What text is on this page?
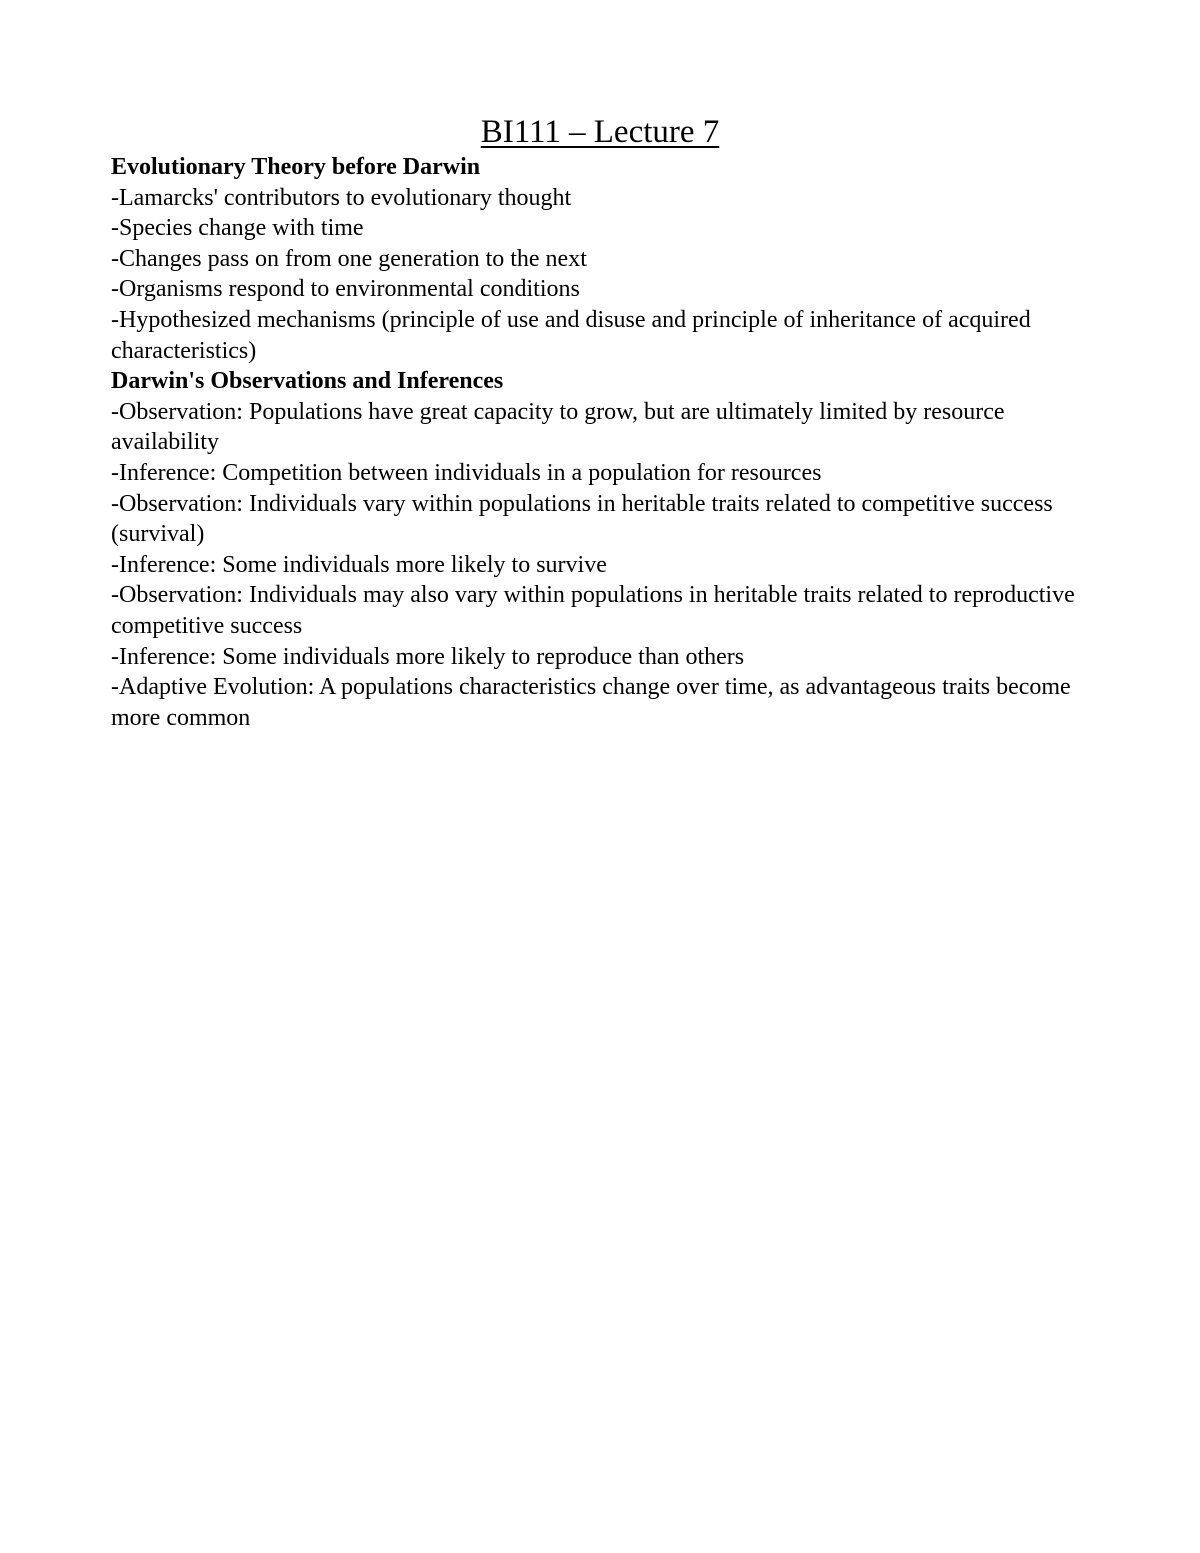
BI111 – Lecture 7

Evolutionary Theory before Darwin

-Lamarcks' contributors to evolutionary thought

-Species change with time

-Changes pass on from one generation to the next

-Organisms respond to environmental conditions

-Hypothesized mechanisms (principle of use and disuse and principle of inheritance of acquired characteristics)

Darwin's Observations and Inferences

-Observation: Populations have great capacity to grow, but are ultimately limited by resource availability

-Inference: Competition between individuals in a population for resources

-Observation: Individuals vary within populations in heritable traits related to competitive success (survival)

-Inference: Some individuals more likely to survive

-Observation: Individuals may also vary within populations in heritable traits related to reproductive competitive success

-Inference: Some individuals more likely to reproduce than others

-Adaptive Evolution: A populations characteristics change over time, as advantageous traits become more common
